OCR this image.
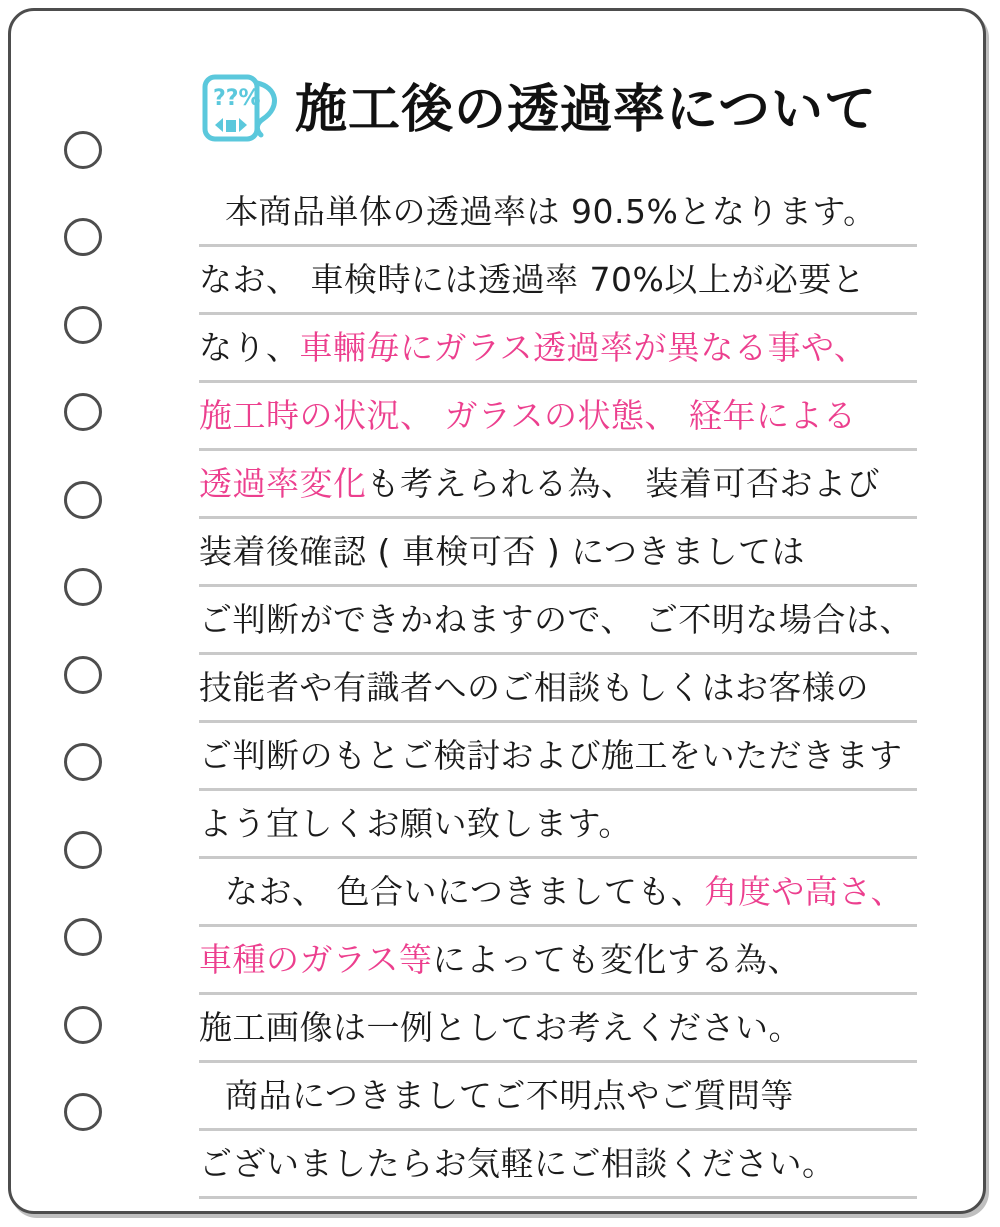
??% 施工後の透過率について
本商品単体の透過率は 90.5%となります。
なお、 車検時には透過率 70%以上が必要と
なり、 車輛毎にガラス透過率が異なる事や、
施工時の状況、 ガラスの状態、 経年による
透過率変化 も考えられる為、 装着可否および
装着後確認 ( 車検可否 ) につきましては
ご判断ができかねますので、 ご不明な場合は、
技能者や有識者へのご相談もしくはお客様の
ご判断のもとご検討および施工をいただきます
よう宜しくお願い致します。
なお、 色合いにつきましても、 角度や高さ、
車種のガラス等 によっても変化する為、
施工画像は一例としてお考えください。
商品につきましてご不明点やご質問等
ございましたらお気軽にご相談ください。
